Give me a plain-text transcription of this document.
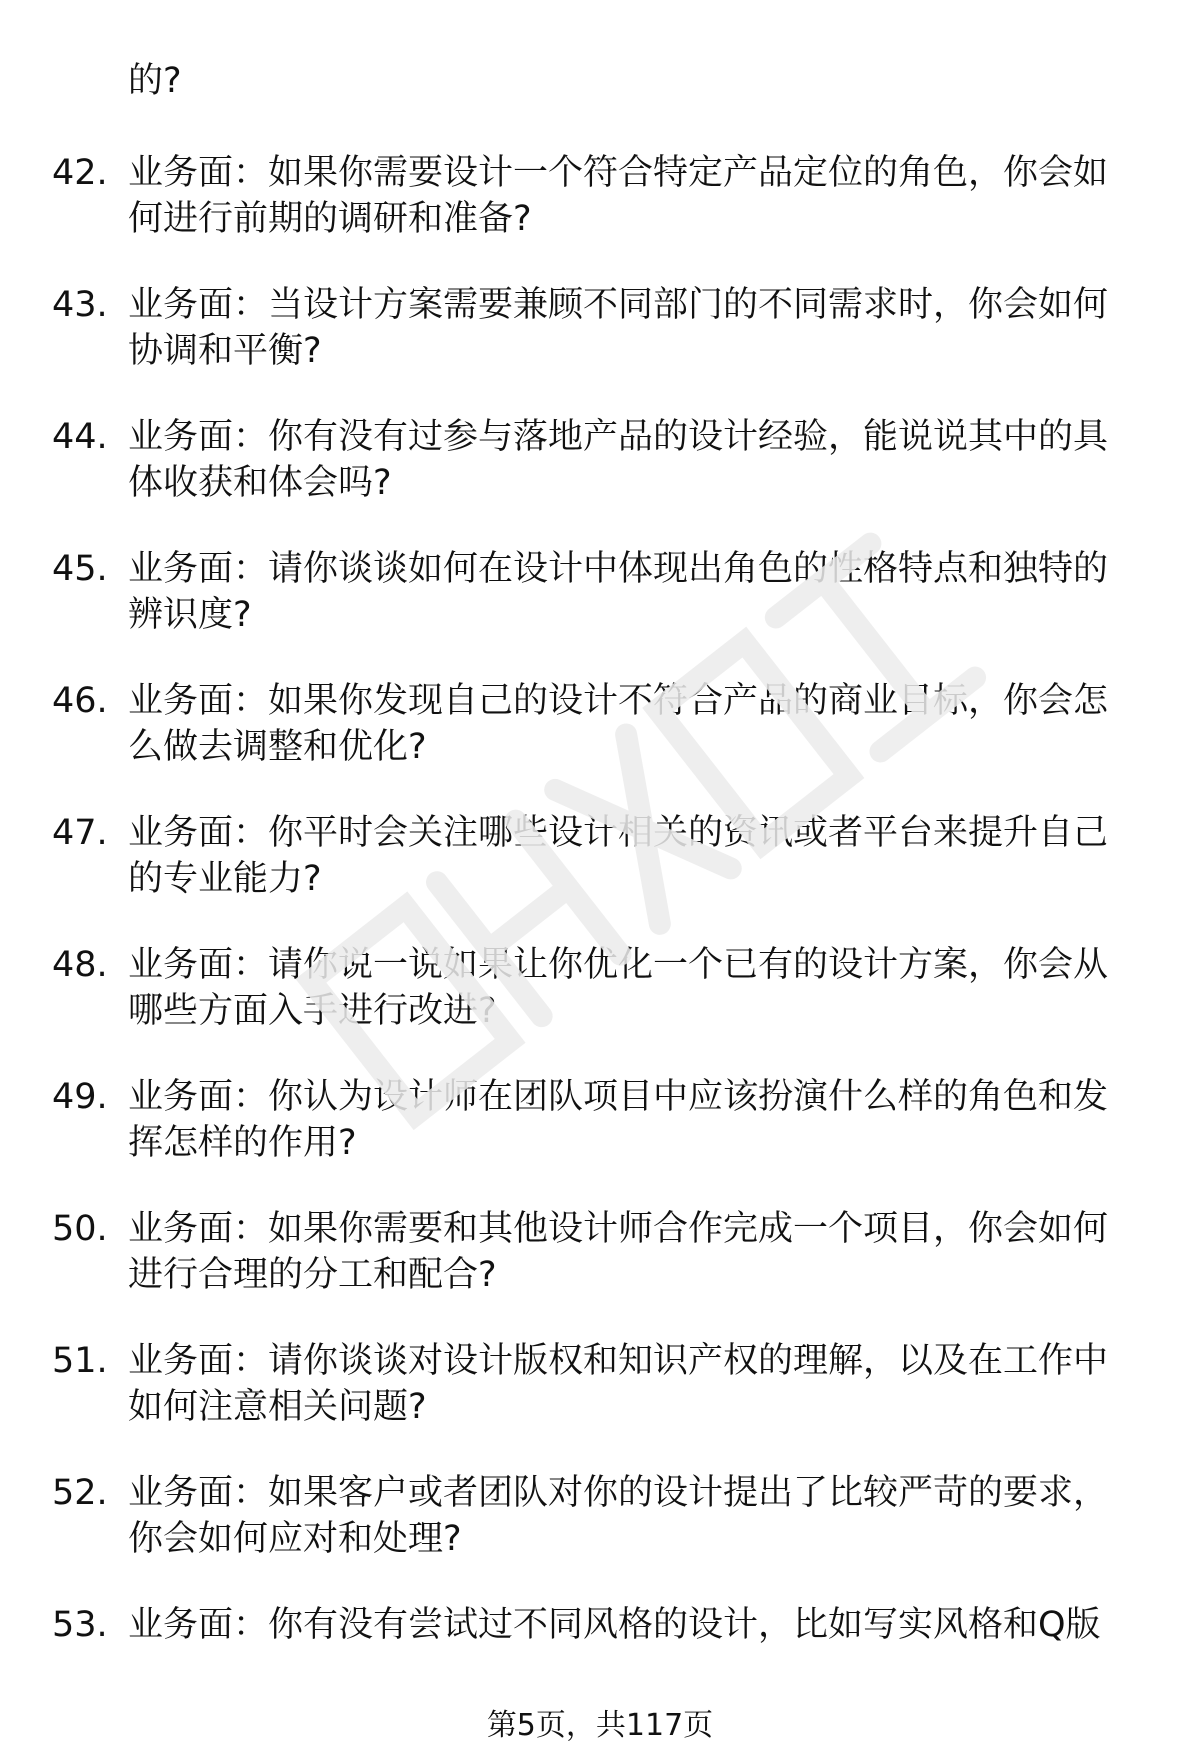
的?
42. 业务面：如果你需要设计一个符合特定产品定位的角色，你会如
何进行前期的调研和准备?
43. 业务面：当设计方案需要兼顾不同部门的不同需求时，你会如何
协调和平衡?
44. 业务面：你有没有过参与落地产品的设计经验，能说说其中的具
体收获和体会吗?
45. 业务面：请你谈谈如何在设计中体现出角色的性格特点和独特的
辨识度?
46. 业务面：如果你发现自己的设计不符合产品的商业目标，你会怎
么做去调整和优化?
47. 业务面：你平时会关注哪些设计相关的资讯或者平台来提升自己
的专业能力?
48. 业务面：请你说一说如果让你优化一个已有的设计方案，你会从
哪些方面入手进行改进?
49. 业务面：你认为设计师在团队项目中应该扮演什么样的角色和发
挥怎样的作用?
50. 业务面：如果你需要和其他设计师合作完成一个项目，你会如何
进行合理的分工和配合?
51. 业务面：请你谈谈对设计版权和知识产权的理解，以及在工作中
如何注意相关问题?
52. 业务面：如果客户或者团队对你的设计提出了比较严苛的要求，
你会如何应对和处理?
53. 业务面：你有没有尝试过不同风格的设计，比如写实风格和Q版
第5页，共117页
